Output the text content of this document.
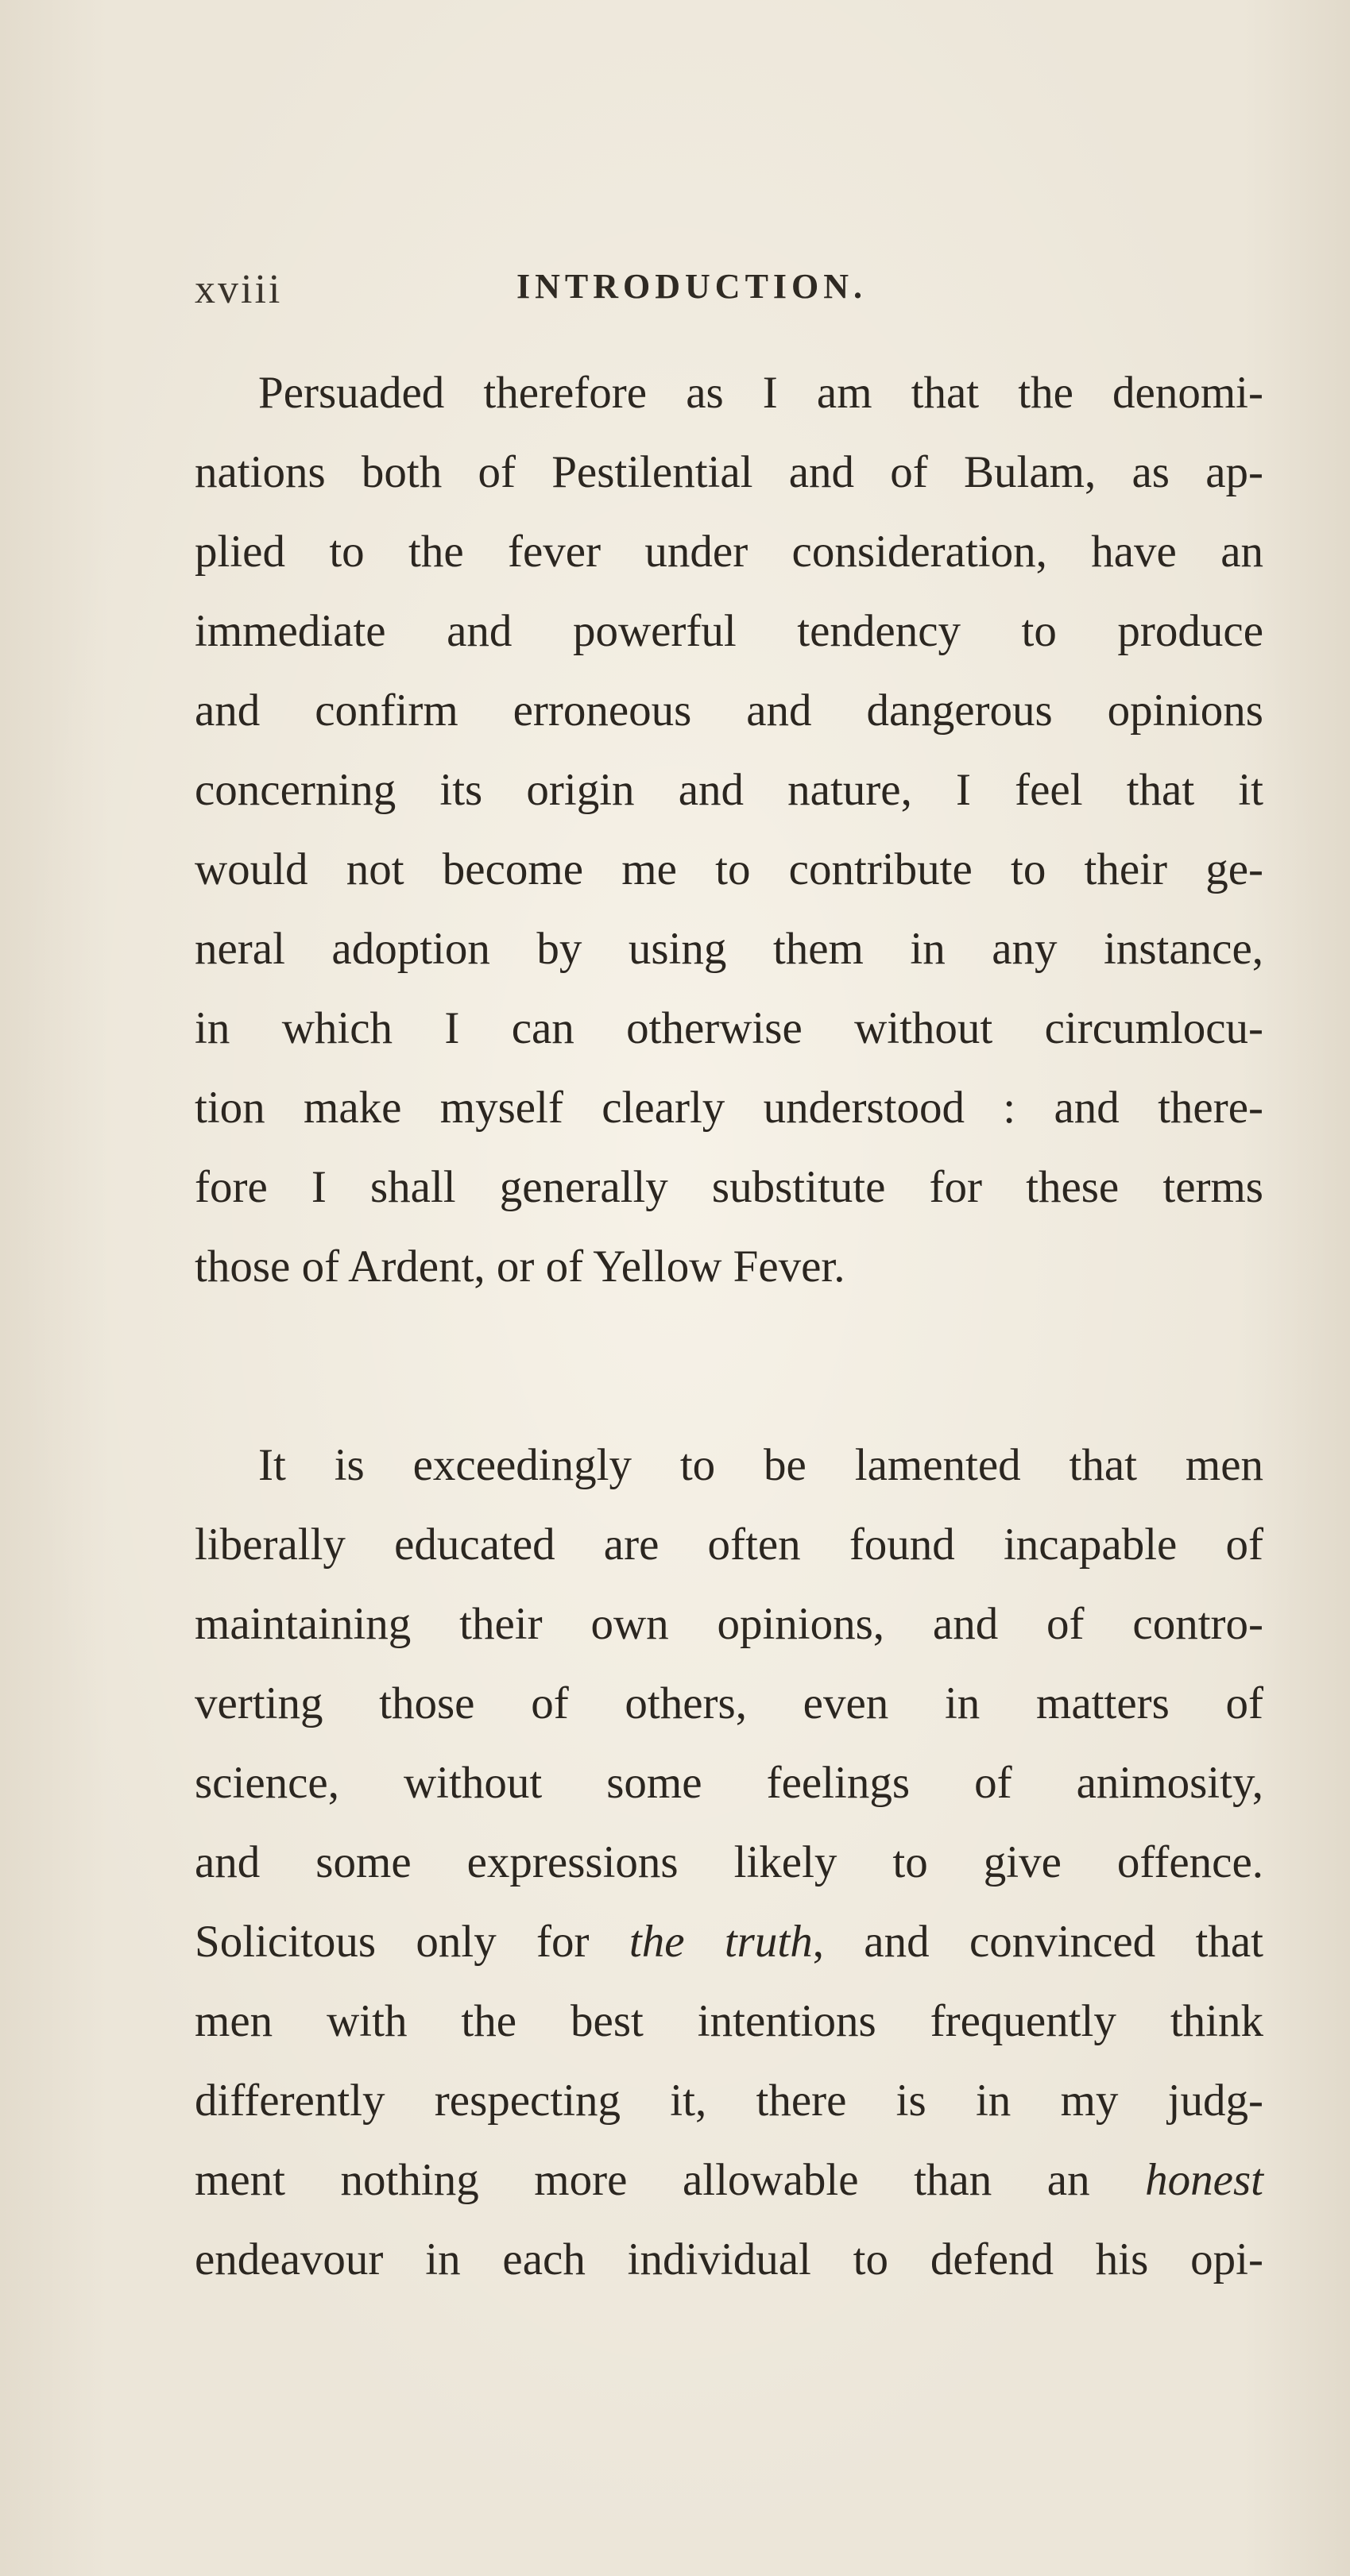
xviii	INTRODUCTION.

Persuaded therefore as I am that the denomi-
nations both of Pestilential and of Bulam, as ap-
plied to the fever under consideration, have an
immediate and powerful tendency to produce
and confirm erroneous and dangerous opinions
concerning its origin and nature, I feel that it
would not become me to contribute to their ge-
neral adoption by using them in any instance,
in which I can otherwise without circumlocu-
tion make myself clearly understood : and there-
fore I shall generally substitute for these terms
those of Ardent, or of Yellow Fever.

It is exceedingly to be lamented that men
liberally educated are often found incapable of
maintaining their own opinions, and of contro-
verting those of others, even in matters of
science, without some feelings of animosity,
and some expressions likely to give offence.
Solicitous only for the truth, and convinced that
men with the best intentions frequently think
differently respecting it, there is in my judg-
ment nothing more allowable than an honest
endeavour in each individual to defend his opi-
